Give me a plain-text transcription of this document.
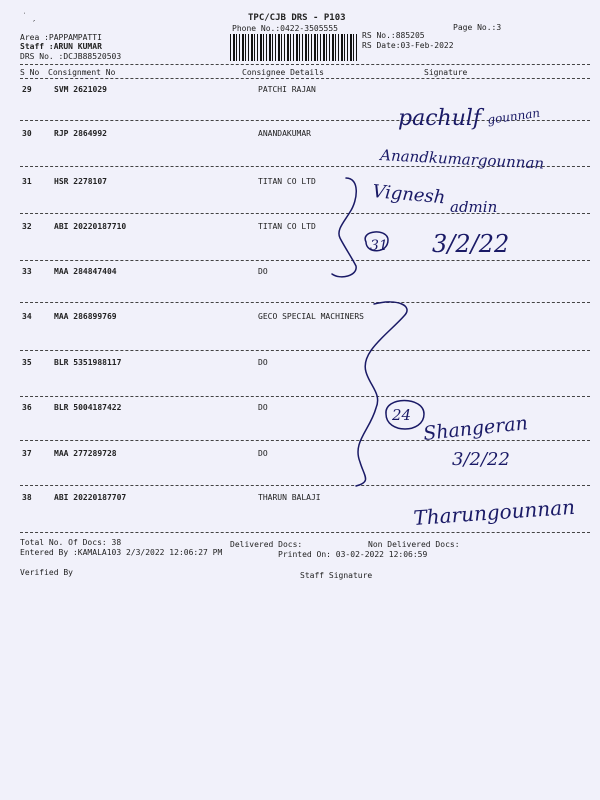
˙ ˏ	TPC/CJB DRS - P103
Phone No.:0422-3505555	Page No.:3
Area :PAPPAMPATTI
Staff :ARUN KUMAR
DRS No. :DCJB88520503
RS No.:885205
RS Date:03-Feb-2022
S No Consignment No	Consignee Details	Signature
29	SVM 2621029	PATCHI RAJAN
30	RJP 2864992	ANANDAKUMAR
31	HSR 2278107	TITAN CO LTD
32	ABI 20220187710	TITAN CO LTD
33	MAA 284847404	DO
34	MAA 286899769	GECO SPECIAL MACHINERS
35	BLR 5351988117	DO
36	BLR 5004187422	DO
37	MAA 277289728	DO
38	ABI 20220187707	THARUN BALAJI
Total No. Of Docs: 38	Delivered Docs:	Non Delivered Docs:
Entered By :KAMALA103 2/3/2022 12:06:27 PM	Printed On: 03-02-2022 12:06:59
Verified By	Staff Signature
pachulf gounnan
Anandkumargounnan
Vignesh admin
31 3/2/22
24 Shangeran
3/2/22
Tharungounnan
